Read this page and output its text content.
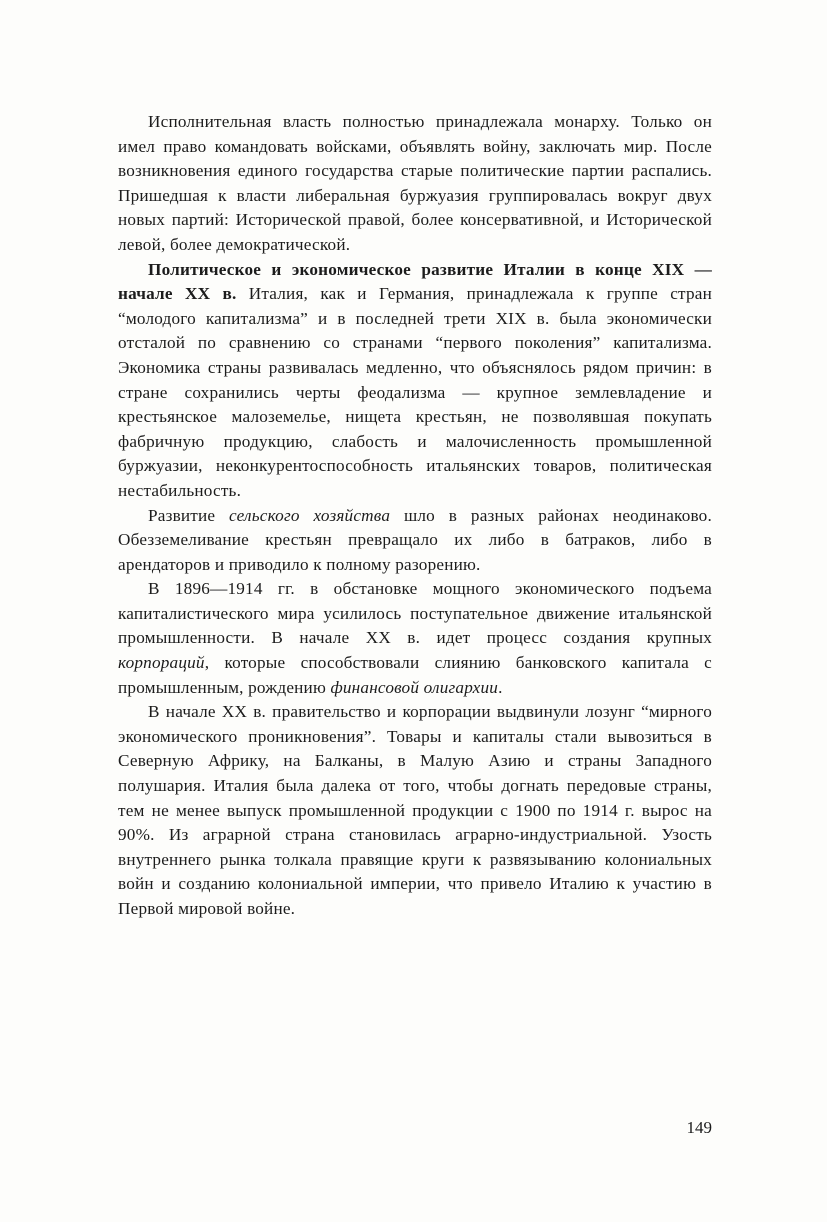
Исполнительная власть полностью принадлежала монарху. Только он имел право командовать войсками, объявлять войну, заключать мир. После возникновения единого государства старые политические партии распались. Пришедшая к власти либеральная буржуазия группировалась вокруг двух новых партий: Исторической правой, более консервативной, и Исторической левой, более демократической.

Политическое и экономическое развитие Италии в конце XIX — начале XX в. Италия, как и Германия, принадлежала к группе стран “молодого капитализма” и в последней трети XIX в. была экономически отсталой по сравнению со странами “первого поколения” капитализма. Экономика страны развивалась медленно, что объяснялось рядом причин: в стране сохранились черты феодализма — крупное землевладение и крестьянское малоземелье, нищета крестьян, не позволявшая покупать фабричную продукцию, слабость и малочисленность промышленной буржуазии, неконкурентоспособность итальянских товаров, политическая нестабильность.

Развитие сельского хозяйства шло в разных районах неодинаково. Обезземеливание крестьян превращало их либо в батраков, либо в арендаторов и приводило к полному разорению.

В 1896—1914 гг. в обстановке мощного экономического подъема капиталистического мира усилилось поступательное движение итальянской промышленности. В начале XX в. идет процесс создания крупных корпораций, которые способствовали слиянию банковского капитала с промышленным, рождению финансовой олигархии.

В начале XX в. правительство и корпорации выдвинули лозунг “мирного экономического проникновения”. Товары и капиталы стали вывозиться в Северную Африку, на Балканы, в Малую Азию и страны Западного полушария. Италия была далека от того, чтобы догнать передовые страны, тем не менее выпуск промышленной продукции с 1900 по 1914 г. вырос на 90%. Из аграрной страна становилась аграрно-индустриальной. Узость внутреннего рынка толкала правящие круги к развязыванию колониальных войн и созданию колониальной империи, что привело Италию к участию в Первой мировой войне.

149
